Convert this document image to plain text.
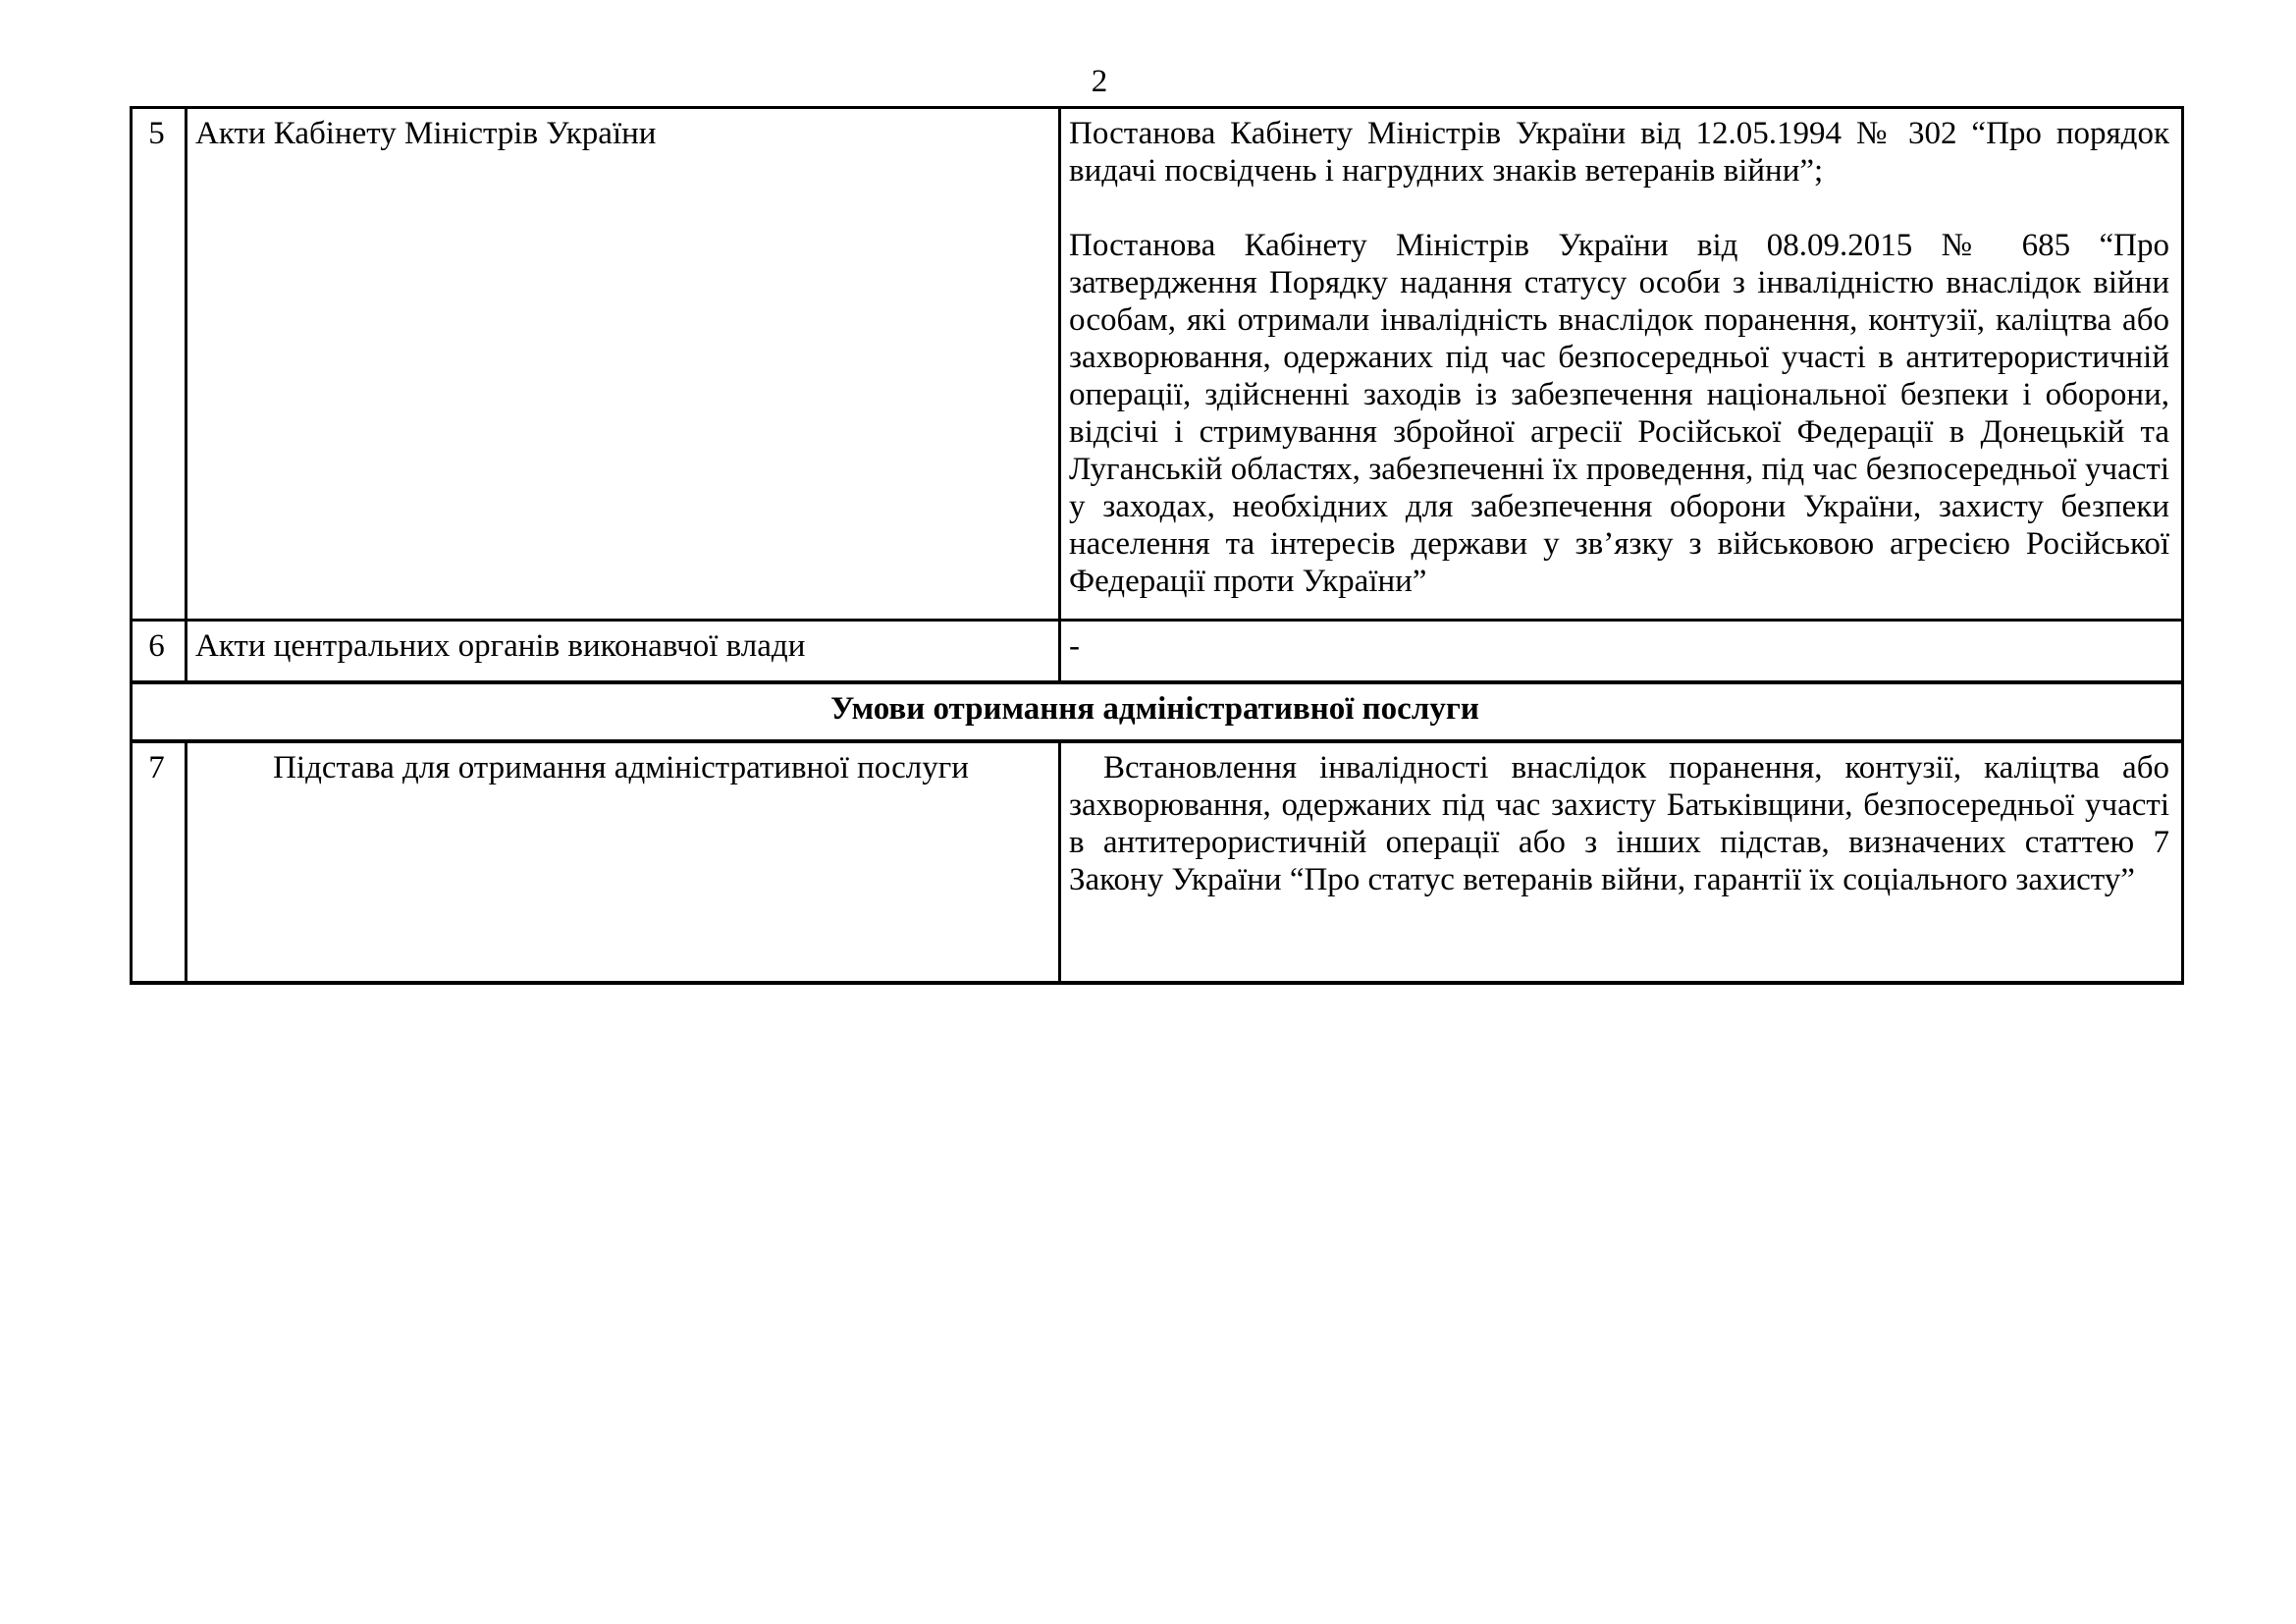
2
5	Акти Кабінету Міністрів України	Постанова Кабінету Міністрів України від 12.05.1994 № 302 “Про порядок видачі посвідчень і нагрудних знаків ветеранів війни”;

Постанова Кабінету Міністрів України від 08.09.2015 № 685 “Про затвердження Порядку надання статусу особи з інвалідністю внаслідок війни особам, які отримали інвалідність внаслідок поранення, контузії, каліцтва або захворювання, одержаних під час безпосередньої участі в антитерористичній операції, здійсненні заходів із забезпечення національної безпеки і оборони, відсічі і стримування збройної агресії Російської Федерації в Донецькій та Луганській областях, забезпеченні їх проведення, під час безпосередньої участі у заходах, необхідних для забезпечення оборони України, захисту безпеки населення та інтересів держави у зв’язку з військовою агресією Російської Федерації проти України”

6	Акти центральних органів виконавчої влади	-
Умови отримання адміністративної послуги		
7	Підстава для отримання адміністративної послуги	Встановлення інвалідності внаслідок поранення, контузії, каліцтва або захворювання, одержаних під час захисту Батьківщини, безпосередньої участі в антитерористичній операції або з інших підстав, визначених статтею 7 Закону України “Про статус ветеранів війни, гарантії їх соціального захисту”
